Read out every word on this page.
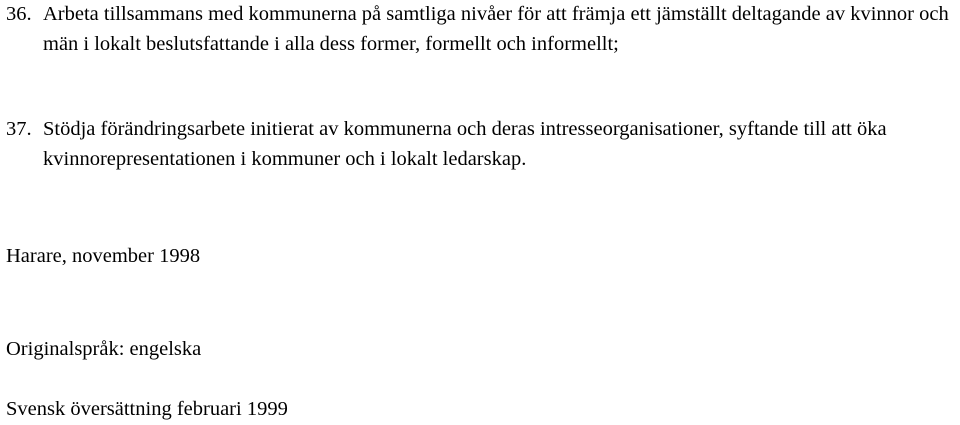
36. Arbeta tillsammans med kommunerna på samtliga nivåer för att främja ett jämställt deltagande av kvinnor och män i lokalt beslutsfattande i alla dess former, formellt och informellt;
37. Stödja förändringsarbete initierat av kommunerna och deras intresseorganisationer, syftande till att öka kvinnorepresentationen i kommuner och i lokalt ledarskap.
Harare, november 1998
Originalspråk: engelska
Svensk översättning februari 1999
